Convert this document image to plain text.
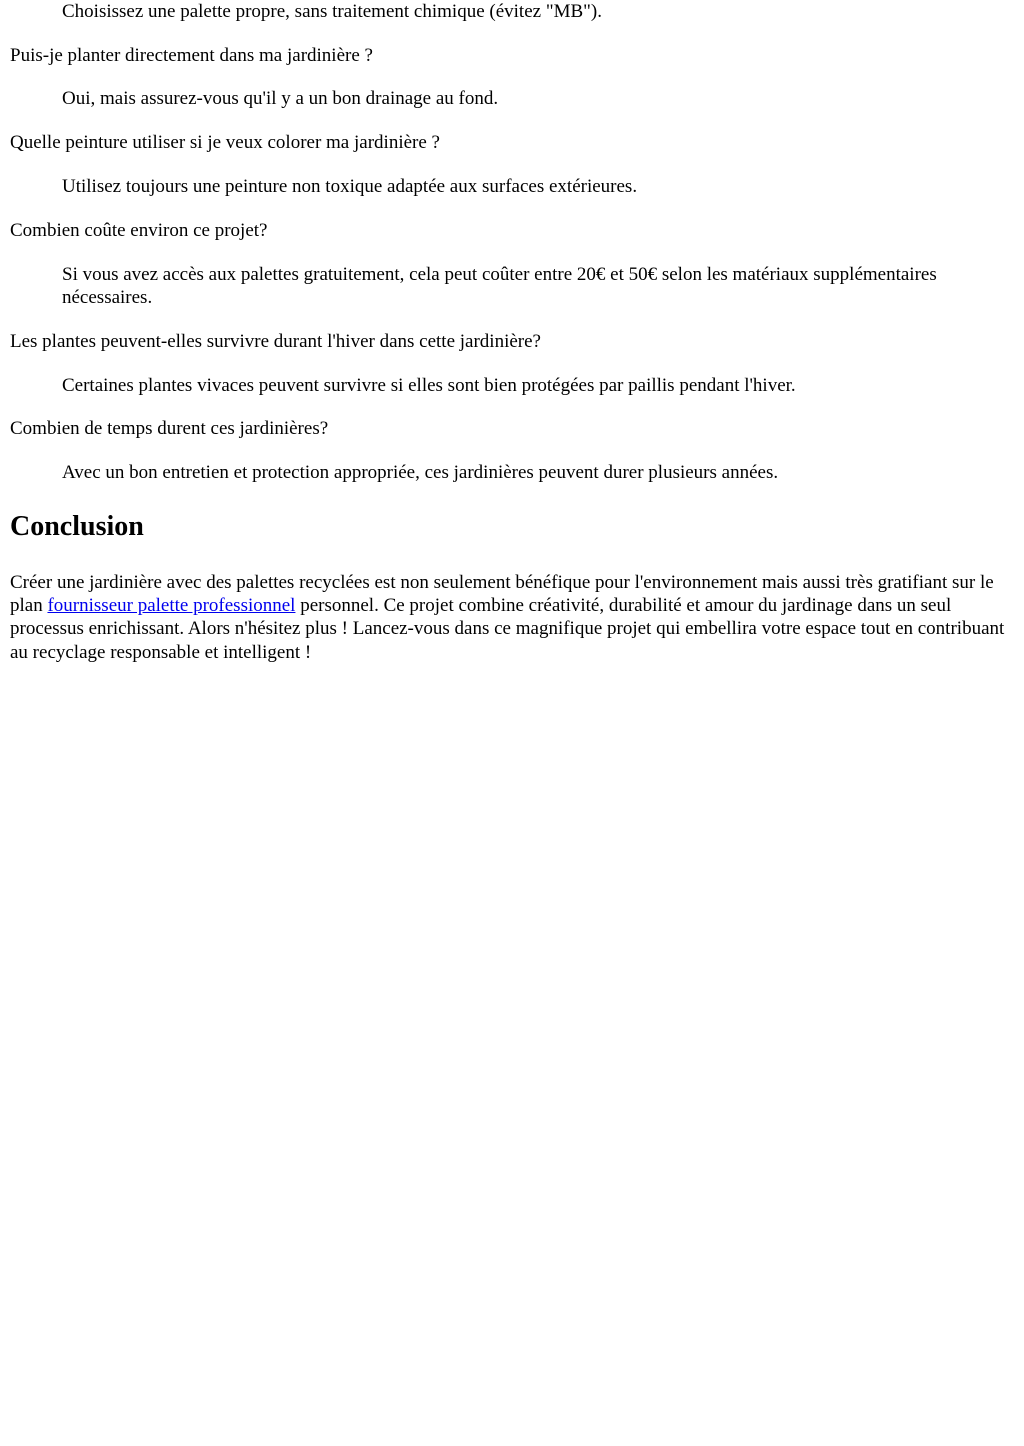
Choisissez une palette propre, sans traitement chimique (évitez "MB").

Puis-je planter directement dans ma jardinière ?
Oui, mais assurez-vous qu'il y a un bon drainage au fond.
Quelle peinture utiliser si je veux colorer ma jardinière ?
Utilisez toujours une peinture non toxique adaptée aux surfaces extérieures.
Combien coûte environ ce projet?
Si vous avez accès aux palettes gratuitement, cela peut coûter entre 20€ et 50€ selon les matériaux supplémentaires nécessaires.
Les plantes peuvent-elles survivre durant l'hiver dans cette jardinière?
Certaines plantes vivaces peuvent survivre si elles sont bien protégées par paillis pendant l'hiver.
Combien de temps durent ces jardinières?
Avec un bon entretien et protection appropriée, ces jardinières peuvent durer plusieurs années.
Conclusion

Créer une jardinière avec des palettes recyclées est non seulement bénéfique pour l'environnement mais aussi très gratifiant sur le plan fournisseur palette professionnel personnel. Ce projet combine créativité, durabilité et amour du jardinage dans un seul processus enrichissant. Alors n'hésitez plus ! Lancez-vous dans ce magnifique projet qui embellira votre espace tout en contribuant au recyclage responsable et intelligent !
